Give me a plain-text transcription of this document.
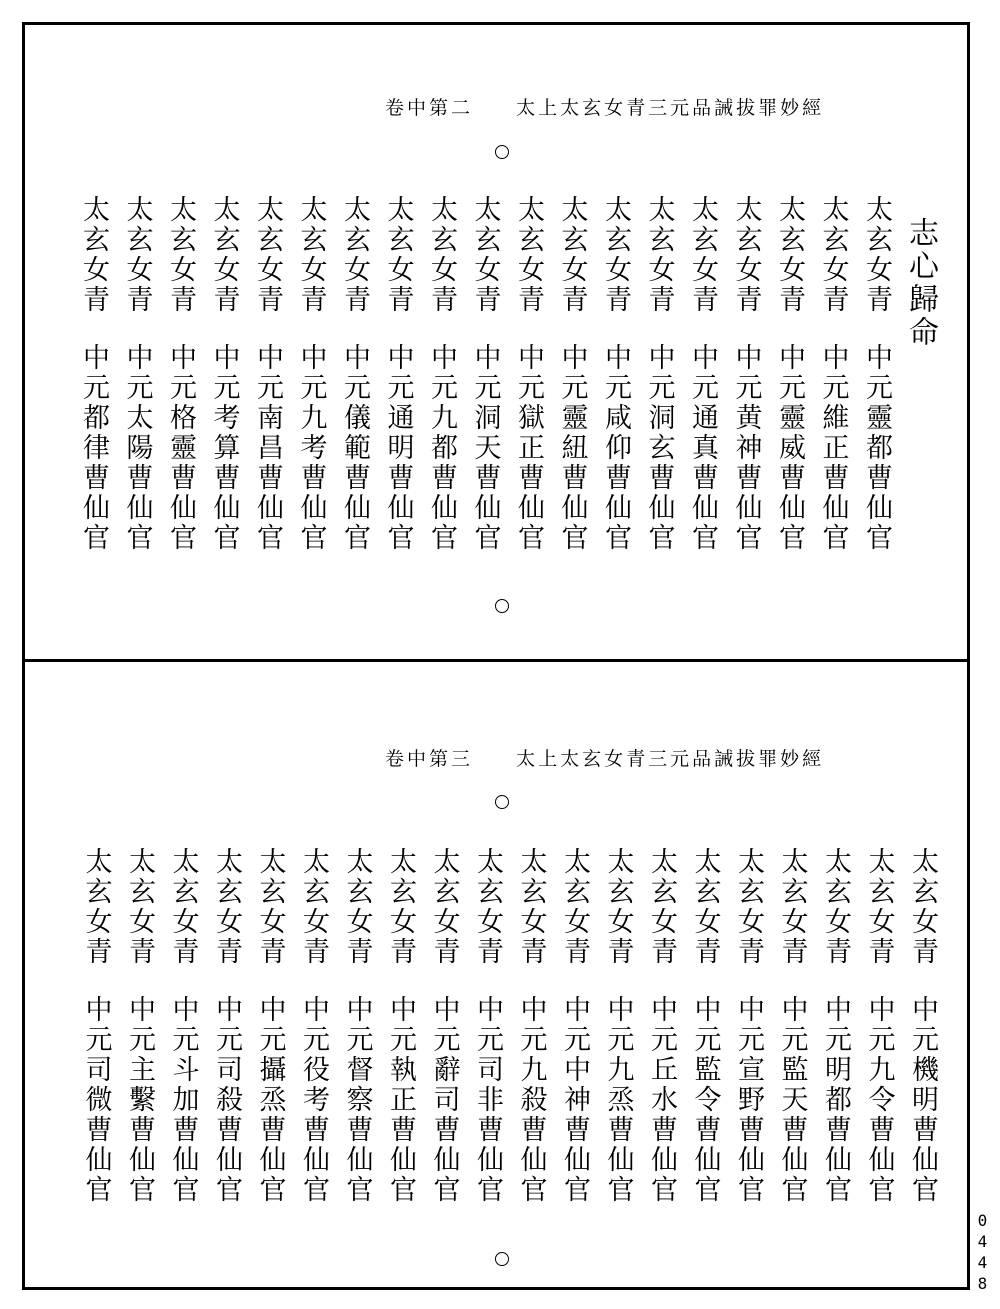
卷中第二 太上太玄女青三元品誡拔罪妙經
志心歸命
太玄女青中元靈都曹仙官
太玄女青中元維正曹仙官
太玄女青中元靈威曹仙官
太玄女青中元黄神曹仙官
太玄女青中元通真曹仙官
太玄女青中元洞玄曹仙官
太玄女青中元咸仰曹仙官
太玄女青中元靈紐曹仙官
太玄女青中元獄正曹仙官
太玄女青中元洞天曹仙官
太玄女青中元九都曹仙官
太玄女青中元通明曹仙官
太玄女青中元儀範曹仙官
太玄女青中元九考曹仙官
太玄女青中元南昌曹仙官
太玄女青中元考算曹仙官
太玄女青中元格靈曹仙官
太玄女青中元太陽曹仙官
太玄女青中元都律曹仙官
卷中第三 太上太玄女青三元品誡拔罪妙經
太玄女青中元機明曹仙官
太玄女青中元九令曹仙官
太玄女青中元明都曹仙官
太玄女青中元監天曹仙官
太玄女青中元宣野曹仙官
太玄女青中元監令曹仙官
太玄女青中元丘水曹仙官
太玄女青中元九烝曹仙官
太玄女青中元中神曹仙官
太玄女青中元九殺曹仙官
太玄女青中元司非曹仙官
太玄女青中元辭司曹仙官
太玄女青中元執正曹仙官
太玄女青中元督察曹仙官
太玄女青中元役考曹仙官
太玄女青中元攝烝曹仙官
太玄女青中元司殺曹仙官
太玄女青中元斗加曹仙官
太玄女青中元主繫曹仙官
太玄女青中元司微曹仙官
0448
